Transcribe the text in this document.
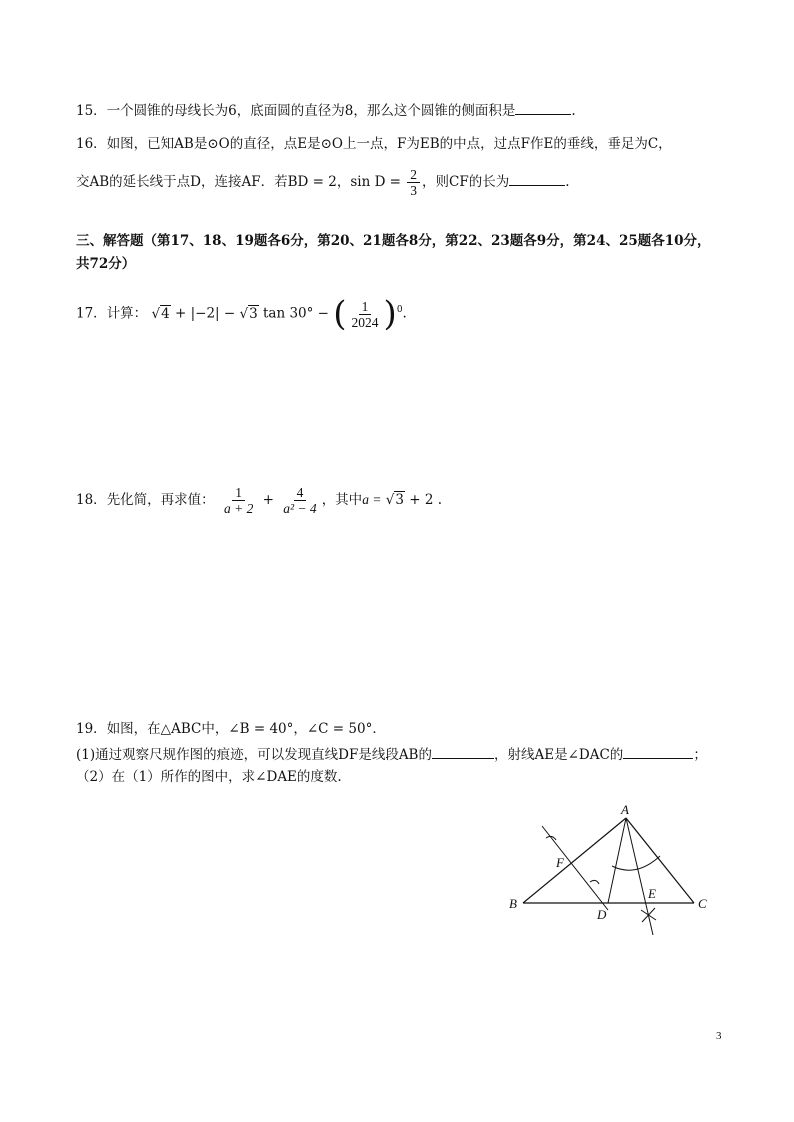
15．一个圆锥的母线长为6，底面圆的直径为8，那么这个圆锥的侧面积是	.
16．如图，已知AB是⊙O的直径，点E是⊙O上一点，F为EB的中点，过点F作E的垂线，垂足为C，
交AB的延长线于点D，连接AF．若BD = 2，$\sin D = \frac{2}{3}$ ，则CF的长为	.
三、解答题（第17、18、19题各6分，第20、21题各8分，第22、23题各9分，第24、25题各10分，
共72分）
17．计算： √4 + |−2| − √3 tan 30° − ( $\frac{1}{2024} )^0$.
18．先化简，再求值： $\frac{1}{a + 2} + \frac{4}{\text{a² − 4}}$ ，其中a = √3 + 2 .
19．如图，在△ABC中，∠B = 40°，∠C = 50°．
(1)通过观察尺规作图的痕迹，可以发现直线DF是线段AB的	，射线AE是∠DAC的	；
（2）在（1）所作的图中，求∠DAE的度数.
A
B	C
D
E
F
3
